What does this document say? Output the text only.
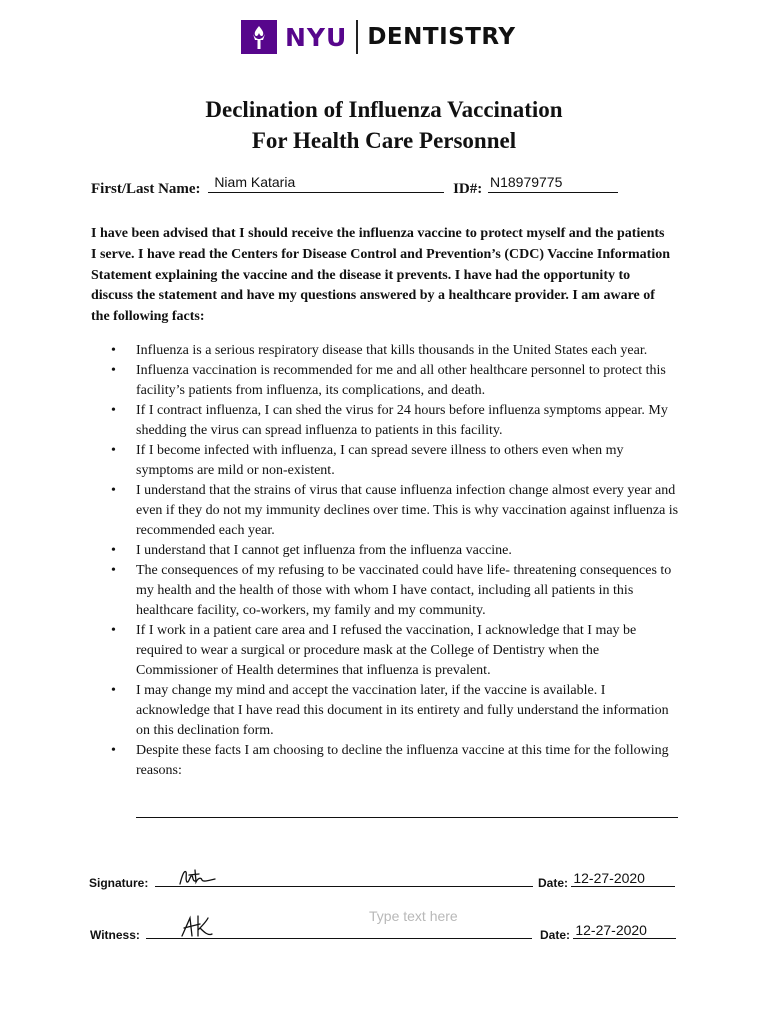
NYU DENTISTRY
Declination of Influenza Vaccination
For Health Care Personnel
First/Last Name: Niam Kataria	ID#: N18979775

I have been advised that I should receive the influenza vaccine to protect myself and the patients I serve. I have read the Centers for Disease Control and Prevention’s (CDC) Vaccine Information Statement explaining the vaccine and the disease it prevents. I have had the opportunity to discuss the statement and have my questions answered by a healthcare provider. I am aware of the following facts:

• Influenza is a serious respiratory disease that kills thousands in the United States each year.
• Influenza vaccination is recommended for me and all other healthcare personnel to protect this facility’s patients from influenza, its complications, and death.
• If I contract influenza, I can shed the virus for 24 hours before influenza symptoms appear. My shedding the virus can spread influenza to patients in this facility.
• If I become infected with influenza, I can spread severe illness to others even when my symptoms are mild or non-existent.
• I understand that the strains of virus that cause influenza infection change almost every year and even if they do not my immunity declines over time. This is why vaccination against influenza is recommended each year.
• I understand that I cannot get influenza from the influenza vaccine.
• The consequences of my refusing to be vaccinated could have life- threatening consequences to my health and the health of those with whom I have contact, including all patients in this healthcare facility, co-workers, my family and my community.
• If I work in a patient care area and I refused the vaccination, I acknowledge that I may be required to wear a surgical or procedure mask at the College of Dentistry when the Commissioner of Health determines that influenza is prevalent.
• I may change my mind and accept the vaccination later, if the vaccine is available. I acknowledge that I have read this document in its entirety and fully understand the information on this declination form.
• Despite these facts I am choosing to decline the influenza vaccine at this time for the following reasons:
Signature:	Date: 12-27-2020
Type text here
Witness:	Date: 12-27-2020
